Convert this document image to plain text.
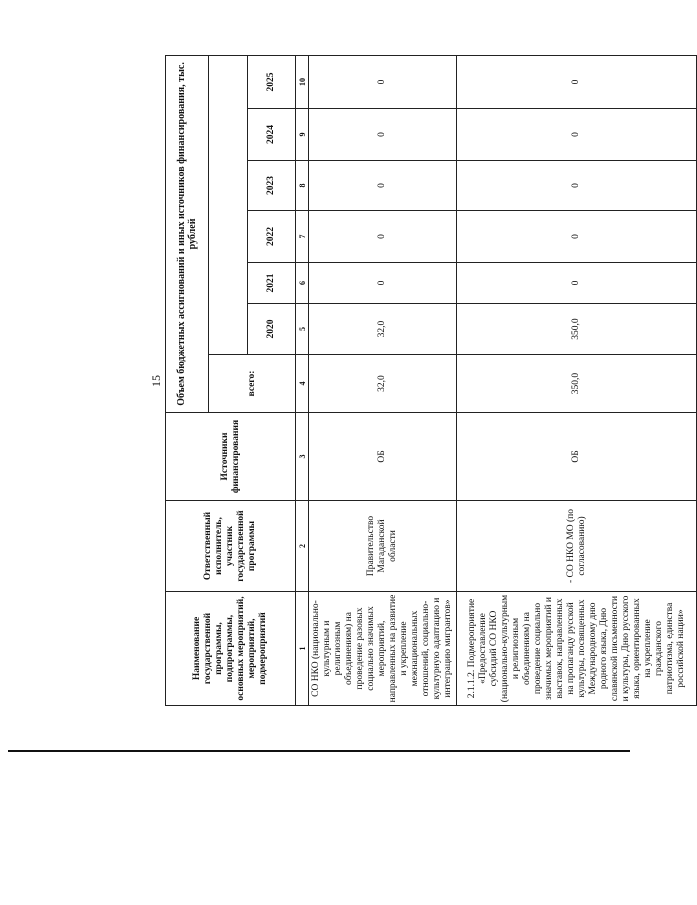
15
Наименование государственной программы, подпрограммы, основных мероприятий, мероприятий, подмероприятий	Ответственный исполнитель, участник государственной программы	Источники финансирования	Объем бюджетных ассигнований и иных источников финансирования, тыс. рублей						
			всего:						
				2020	2021	2022	2023	2024	2025
1	2	3	4	5	6	7	8	9	10
СО НКО (национально-культурным и религиозным объединениям) на проведение разовых социально значимых мероприятий, направленных на развитие и укрепление межнациональных отношений, социально-культурную адаптацию и интеграцию мигрантов»	Правительство Магаданской области	ОБ	32,0	32,0	0	0	0	0	0
2.1.1.2. Подмероприятие «Предоставление субсидий СО НКО (национально-культурным и религиозным объединениям) на проведение социально значимых мероприятий и выставок, направленных на пропаганду русской культуры, посвященных Международному дню родного языка, Дню славянской письменности и культуры, Дню русского языка, ориентированных на укрепление гражданского патриотизма, единства российской нации»	- СО НКО МО (по согласованию)	ОБ	350,0	350,0	0	0	0	0	0
